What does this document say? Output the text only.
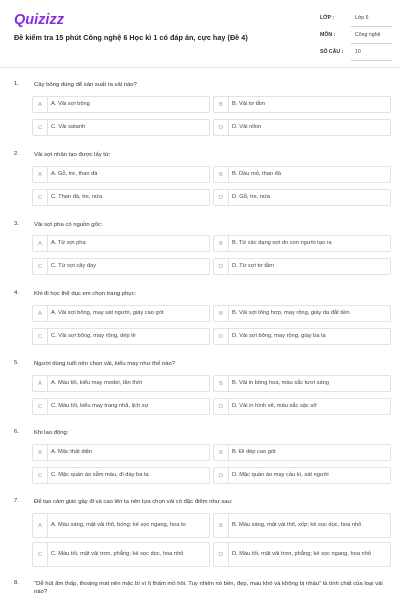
Quizizz
Đề kiểm tra 15 phút Công nghệ 6 Học kì 1 có đáp án, cực hay (Đề 4)
LỚP :	Lớp 6
MÔN :	Công nghệ
SỐ CÂU : 10
1.	Cây bông dùng để sản xuất ra vải nào?
A	A. Vải sợi bông	B	B. Vải tơ tằm
C	C. Vải xatanh	D	D. Vải nilon
2.	Vải sợi nhân tạo được lấy từ:
A	A. Gỗ, tre, than đá	B	B. Dầu mỏ, than đá
C	C. Than đá, tre, nứa	D	D. Gỗ, tre, nứa
3.	Vải sợi pha có nguồn gốc:
A	A. Từ sợi pha	B	B. Từ các dạng sợi do con người tạo ra
C	C. Từ sợi cây đay	D	D. Từ sợi tơ tằm
4.	Khi đi học thể dục em chọn trang phục:
A	A. Vải sợi bông, may sát người, giày cao gót	B	B. Vải sợi tổng hợp, may rộng, giày da đắt tiền
C	C. Vải sợi bông, may rộng, dép lê	D	D. Vải sợi bông, may rộng, giày ba ta
5.	Người dùng tuổi nên chọn vải, kiểu may như thế nào?
A	A. Màu tối, kiểu may model, tân thời	B	B. Vải in bông hoa, màu sắc tươi sáng
C	C. Màu tối, kiểu may trang nhã, lịch sự	D	D. Vải in hình vẽ, màu sắc sặc sỡ
6.	Khi lao động:
A	A. Mặc thật diện	B	B. Đi dép cao gót
C	C. Mặc quần áo sẫm màu, đi dày ba ta	D	D. Mặc quần áo may cầu kì, sát người
7.	Để tạo cảm giác gầy đi và cao lên ta nên lựa chọn vải có đặc điểm như sau:
A	A. Màu sáng, mặt vải thô, bóng; kẻ sọc ngang, hoa to	B	B. Màu sáng, mặt vải thô, xốp; kẻ sọc dọc, hoa nhỏ
C	C. Màu tối, mặt vải trơn, phẳng; kẻ sọc dọc, hoa nhỏ	D	D. Màu tối, mặt vải trơn, phẳng; kẻ sọc ngang, hoa nhỏ
8.	"Dễ hút ẩm thấp, thoáng mát nên mặc bí vì ít thấm mồ hôi. Tuy nhiên nó bền, đẹp, mau khô và không bị nhàu" là tính chất của loại vải nào?
